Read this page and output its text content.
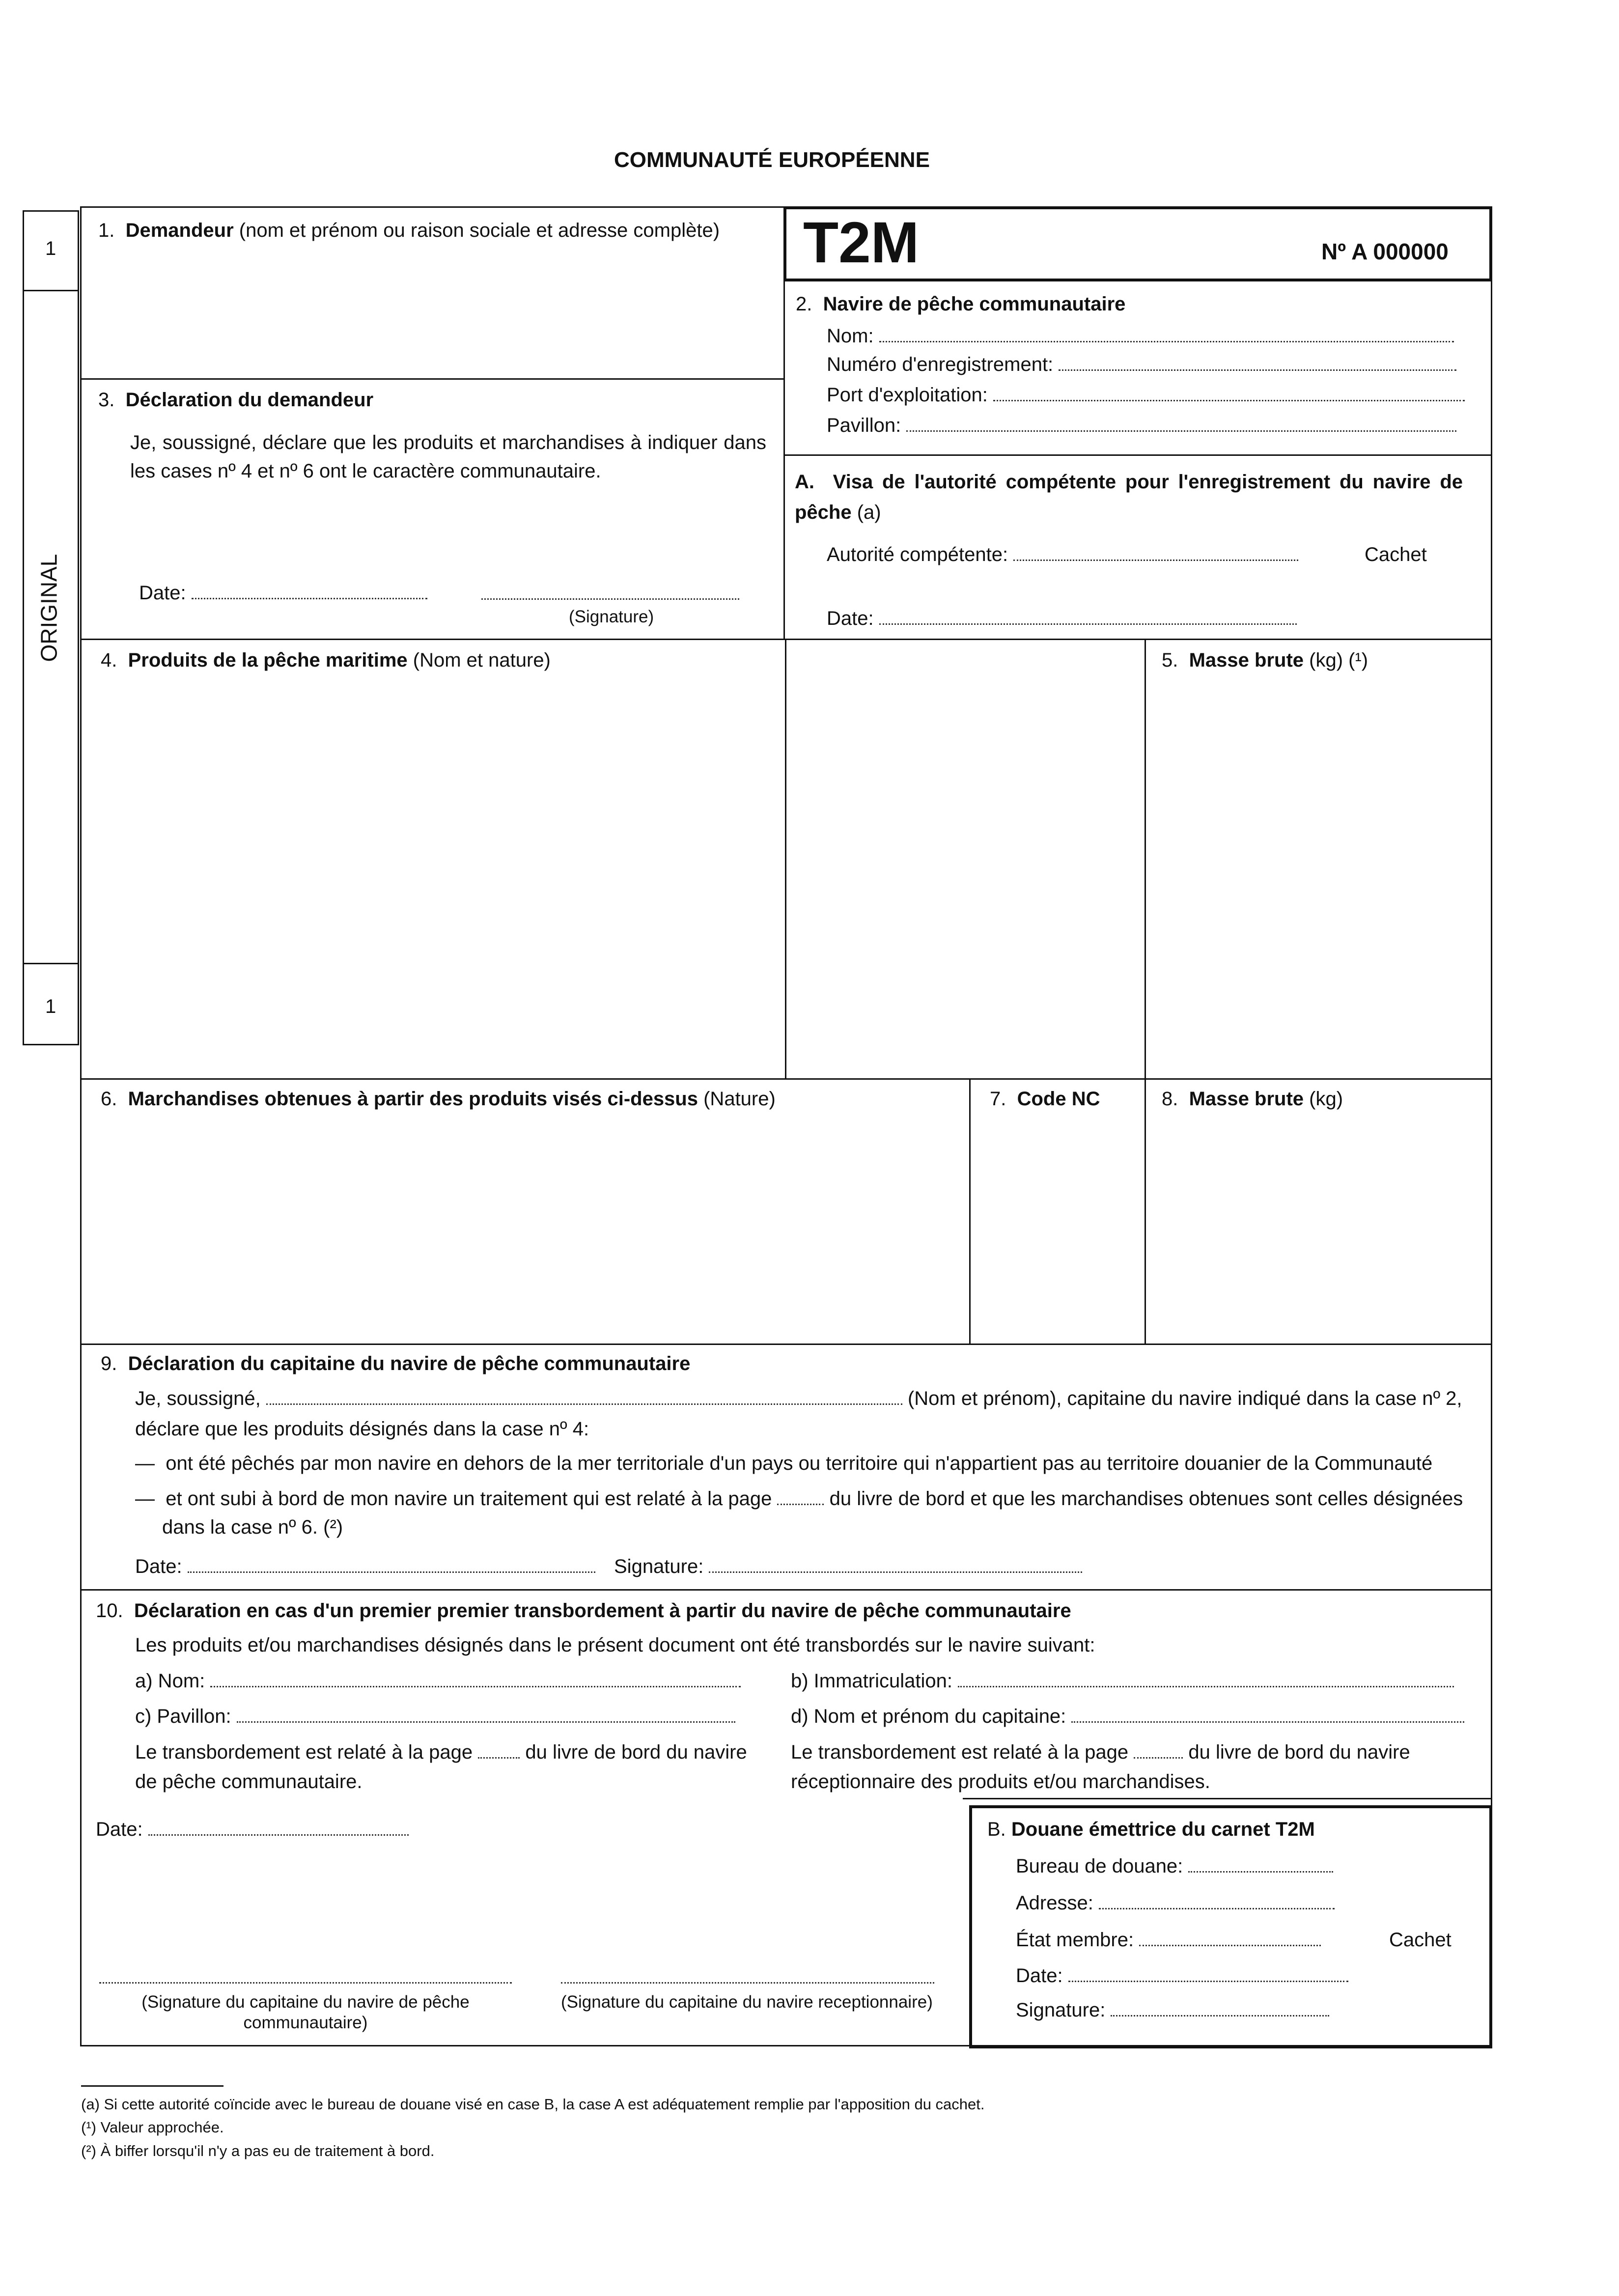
COMMUNAUTÉ EUROPÉENNE
1
ORIGINAL
1
T2M	Nº A 000000
1. Demandeur (nom et prénom ou raison sociale et adresse complète)
3. Déclaration du demandeur
Je, soussigné, déclare que les produits et marchandises à indiquer dans les cases nº 4 et nº 6 ont le caractère communautaire.
Date:
(Signature)
2. Navire de pêche communautaire
Nom:
Numéro d'enregistrement:
Port d'exploitation:
Pavillon:
A. Visa de l'autorité compétente pour l'enregistrement du navire de pêche (a)
Autorité compétente:	Cachet
Date:
4. Produits de la pêche maritime (Nom et nature)	5. Masse brute (kg) (¹)
6. Marchandises obtenues à partir des produits visés ci-dessus (Nature)	7. Code NC	8. Masse brute (kg)
9. Déclaration du capitaine du navire de pêche communautaire
Je, soussigné,	(Nom et prénom), capitaine du navire indiqué dans la case nº 2,
déclare que les produits désignés dans la case nº 4:
— ont été pêchés par mon navire en dehors de la mer territoriale d'un pays ou territoire qui n'appartient pas au territoire douanier de la Communauté
— et ont subi à bord de mon navire un traitement qui est relaté à la page	du livre de bord et que les marchandises obtenues sont celles désignées
dans la case nº 6. (²)
Date:	Signature:
10. Déclaration en cas d'un premier premier transbordement à partir du navire de pêche communautaire
Les produits et/ou marchandises désignés dans le présent document ont été transbordés sur le navire suivant:
a) Nom:	b) Immatriculation:
c) Pavillon:	d) Nom et prénom du capitaine:
Le transbordement est relaté à la page	du livre de bord du navire
de pêche communautaire.
Le transbordement est relaté à la page	du livre de bord du navire
réceptionnaire des produits et/ou marchandises.
Date:
(Signature du capitaine du navire de pêche
communautaire)
(Signature du capitaine du navire receptionnaire)
B. Douane émettrice du carnet T2M
Bureau de douane:
Adresse:
État membre:	Cachet
Date:
Signature:
(a) Si cette autorité coïncide avec le bureau de douane visé en case B, la case A est adéquatement remplie par l'apposition du cachet.
(¹) Valeur approchée.
(²) À biffer lorsqu'il n'y a pas eu de traitement à bord.
